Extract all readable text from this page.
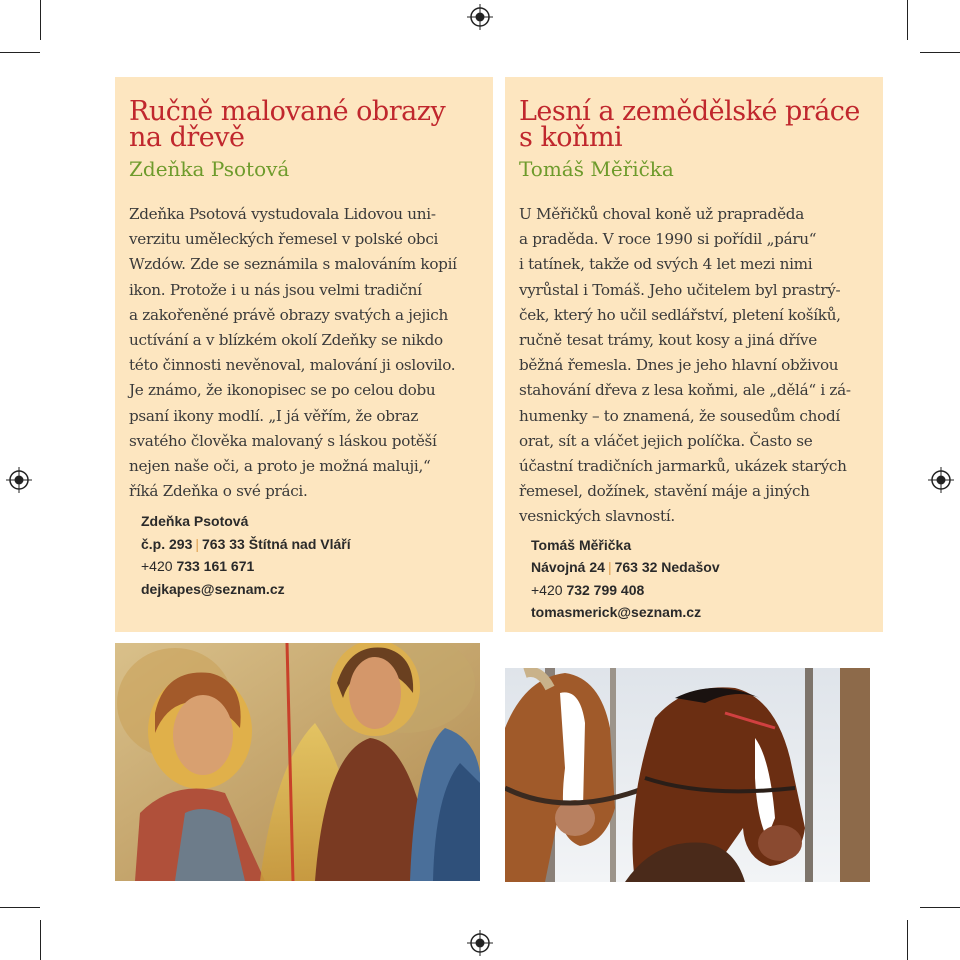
Ručně malované obrazy
na dřevě
Zdeňka Psotová
Zdeňka Psotová vystudovala Lidovou uni-
verzitu uměleckých řemesel v polské obci
Wzdów. Zde se seznámila s malováním kopií
ikon. Protože i u nás jsou velmi tradiční
a zakořeněné právě obrazy svatých a jejich
uctívání a v blízkém okolí Zdeňky se nikdo
této činnosti nevěnoval, malování ji oslovilo.
Je známo, že ikonopisec se po celou dobu
psaní ikony modlí. „I já věřím, že obraz
svatého člověka malovaný s láskou potěší
nejen naše oči, a proto je možná maluji,“
říká Zdeňka o své práci.
Zdeňka Psotová
č.p. 293 | 763 33 Štítná nad Vláří
+420 733 161 671
dejkapes@seznam.cz
Lesní a zemědělské práce
s koňmi
Tomáš Měřička
U Měřičků choval koně už prapraděda
a praděda. V roce 1990 si pořídil „páru“
i tatínek, takže od svých 4 let mezi nimi
vyrůstal i Tomáš. Jeho učitelem byl prastrý-
ček, který ho učil sedlářství, pletení košíků,
ručně tesat trámy, kout kosy a jiná dříve
běžná řemesla. Dnes je jeho hlavní obživou
stahování dřeva z lesa koňmi, ale „dělá“ i zá-
humenky – to znamená, že sousedům chodí
orat, sít a vláčet jejich políčka. Často se
účastní tradičních jarmarků, ukázek starých
řemesel, dožínek, stavění máje a jiných
vesnických slavností.
Tomáš Měřička
Návojná 24 | 763 32 Nedašov
+420 732 799 408
tomasmerick@seznam.cz
